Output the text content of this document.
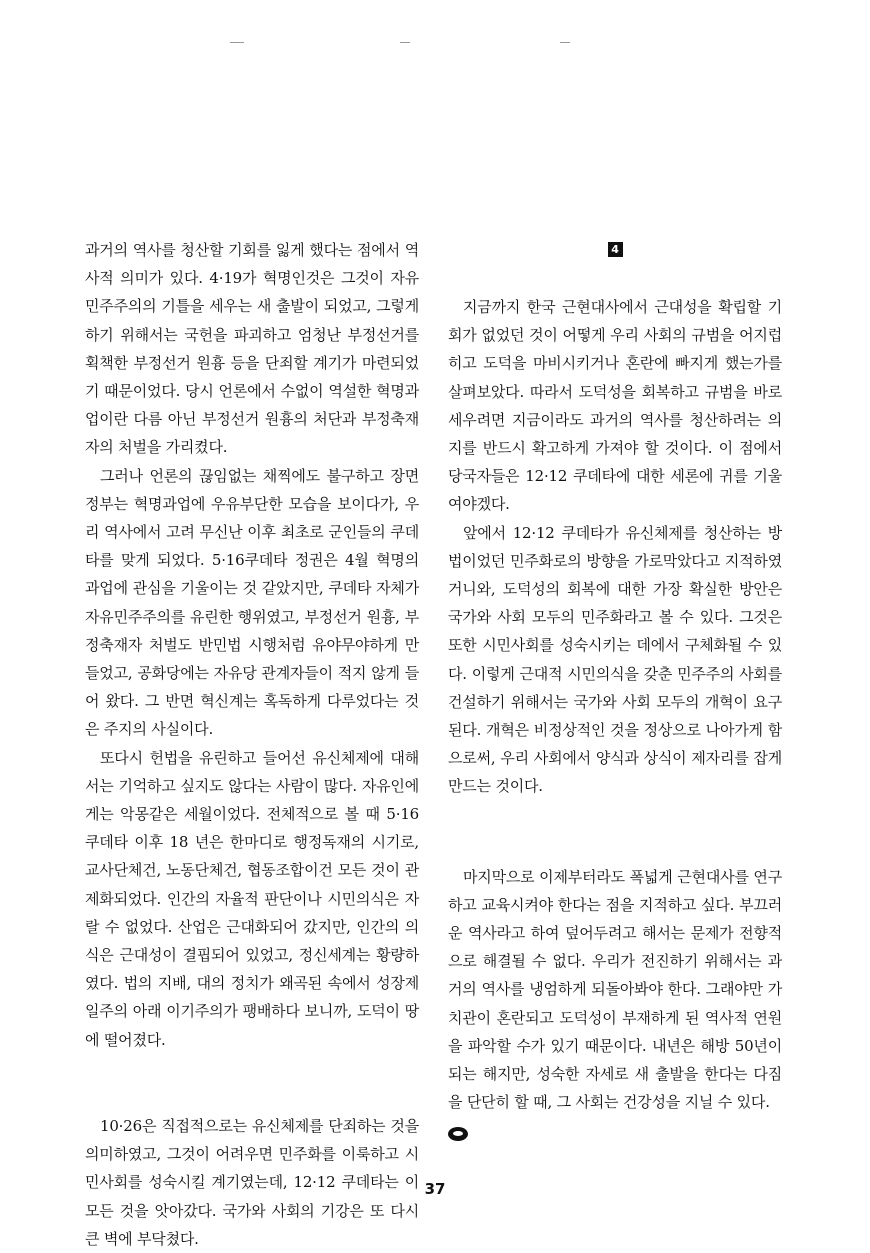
과거의 역사를 청산할 기회를 잃게 했다는 점에서 역사적 의미가 있다. 4·19가 혁명인것은 그것이 자유민주주의의 기틀을 세우는 새 출발이 되었고, 그렇게 하기 위해서는 국헌을 파괴하고 엄청난 부정선거를 획책한 부정선거 원흉 등을 단죄할 계기가 마련되었기 때문이었다. 당시 언론에서 수없이 역설한 혁명과업이란 다름 아닌 부정선거 원흉의 처단과 부정축재자의 처벌을 가리켰다.

그러나 언론의 끊임없는 채찍에도 불구하고 장면정부는 혁명과업에 우유부단한 모습을 보이다가, 우리 역사에서 고려 무신난 이후 최초로 군인들의 쿠데타를 맞게 되었다. 5·16쿠데타 정권은 4월 혁명의 과업에 관심을 기울이는 것 같았지만, 쿠데타 자체가 자유민주주의를 유린한 행위였고, 부정선거 원흉, 부정축재자 처벌도 반민법 시행처럼 유야무야하게 만들었고, 공화당에는 자유당 관계자들이 적지 않게 들어 왔다. 그 반면 혁신계는 혹독하게 다루었다는 것은 주지의 사실이다.

또다시 헌법을 유린하고 들어선 유신체제에 대해서는 기억하고 싶지도 않다는 사람이 많다. 자유인에게는 악몽같은 세월이었다. 전체적으로 볼 때 5·16쿠데타 이후 18 년은 한마디로 행정독재의 시기로, 교사단체건, 노동단체건, 협동조합이건 모든 것이 관제화되었다. 인간의 자율적 판단이나 시민의식은 자랄 수 없었다. 산업은 근대화되어 갔지만, 인간의 의식은 근대성이 결핍되어 있었고, 정신세계는 황량하였다. 법의 지배, 대의 정치가 왜곡된 속에서 성장제일주의 아래 이기주의가 팽배하다 보니까, 도덕이 땅에 떨어졌다.

10·26은 직접적으로는 유신체제를 단죄하는 것을 의미하였고, 그것이 어려우면 민주화를 이룩하고 시민사회를 성숙시킬 계기였는데, 12·12 쿠데타는 이 모든 것을 앗아갔다. 국가와 사회의 기강은 또 다시 큰 벽에 부닥쳤다.

4

지금까지 한국 근현대사에서 근대성을 확립할 기회가 없었던 것이 어떻게 우리 사회의 규범을 어지럽히고 도덕을 마비시키거나 혼란에 빠지게 했는가를 살펴보았다. 따라서 도덕성을 회복하고 규범을 바로 세우려면 지금이라도 과거의 역사를 청산하려는 의지를 반드시 확고하게 가져야 할 것이다. 이 점에서 당국자들은 12·12 쿠데타에 대한 세론에 귀를 기울여야겠다.

앞에서 12·12 쿠데타가 유신체제를 청산하는 방법이었던 민주화로의 방향을 가로막았다고 지적하였거니와, 도덕성의 회복에 대한 가장 확실한 방안은 국가와 사회 모두의 민주화라고 볼 수 있다. 그것은 또한 시민사회를 성숙시키는 데에서 구체화될 수 있다. 이렇게 근대적 시민의식을 갖춘 민주주의 사회를 건설하기 위해서는 국가와 사회 모두의 개혁이 요구된다. 개혁은 비정상적인 것을 정상으로 나아가게 함으로써, 우리 사회에서 양식과 상식이 제자리를 잡게 만드는 것이다.

마지막으로 이제부터라도 폭넓게 근현대사를 연구하고 교육시켜야 한다는 점을 지적하고 싶다. 부끄러운 역사라고 하여 덮어두려고 해서는 문제가 전향적으로 해결될 수 없다. 우리가 전진하기 위해서는 과거의 역사를 냉엄하게 되돌아봐야 한다. 그래야만 가치관이 혼란되고 도덕성이 부재하게 된 역사적 연원을 파악할 수가 있기 때문이다. 내년은 해방 50년이 되는 해지만, 성숙한 자세로 새 출발을 한다는 다짐을 단단히 할 때, 그 사회는 건강성을 지닐 수 있다.

37
